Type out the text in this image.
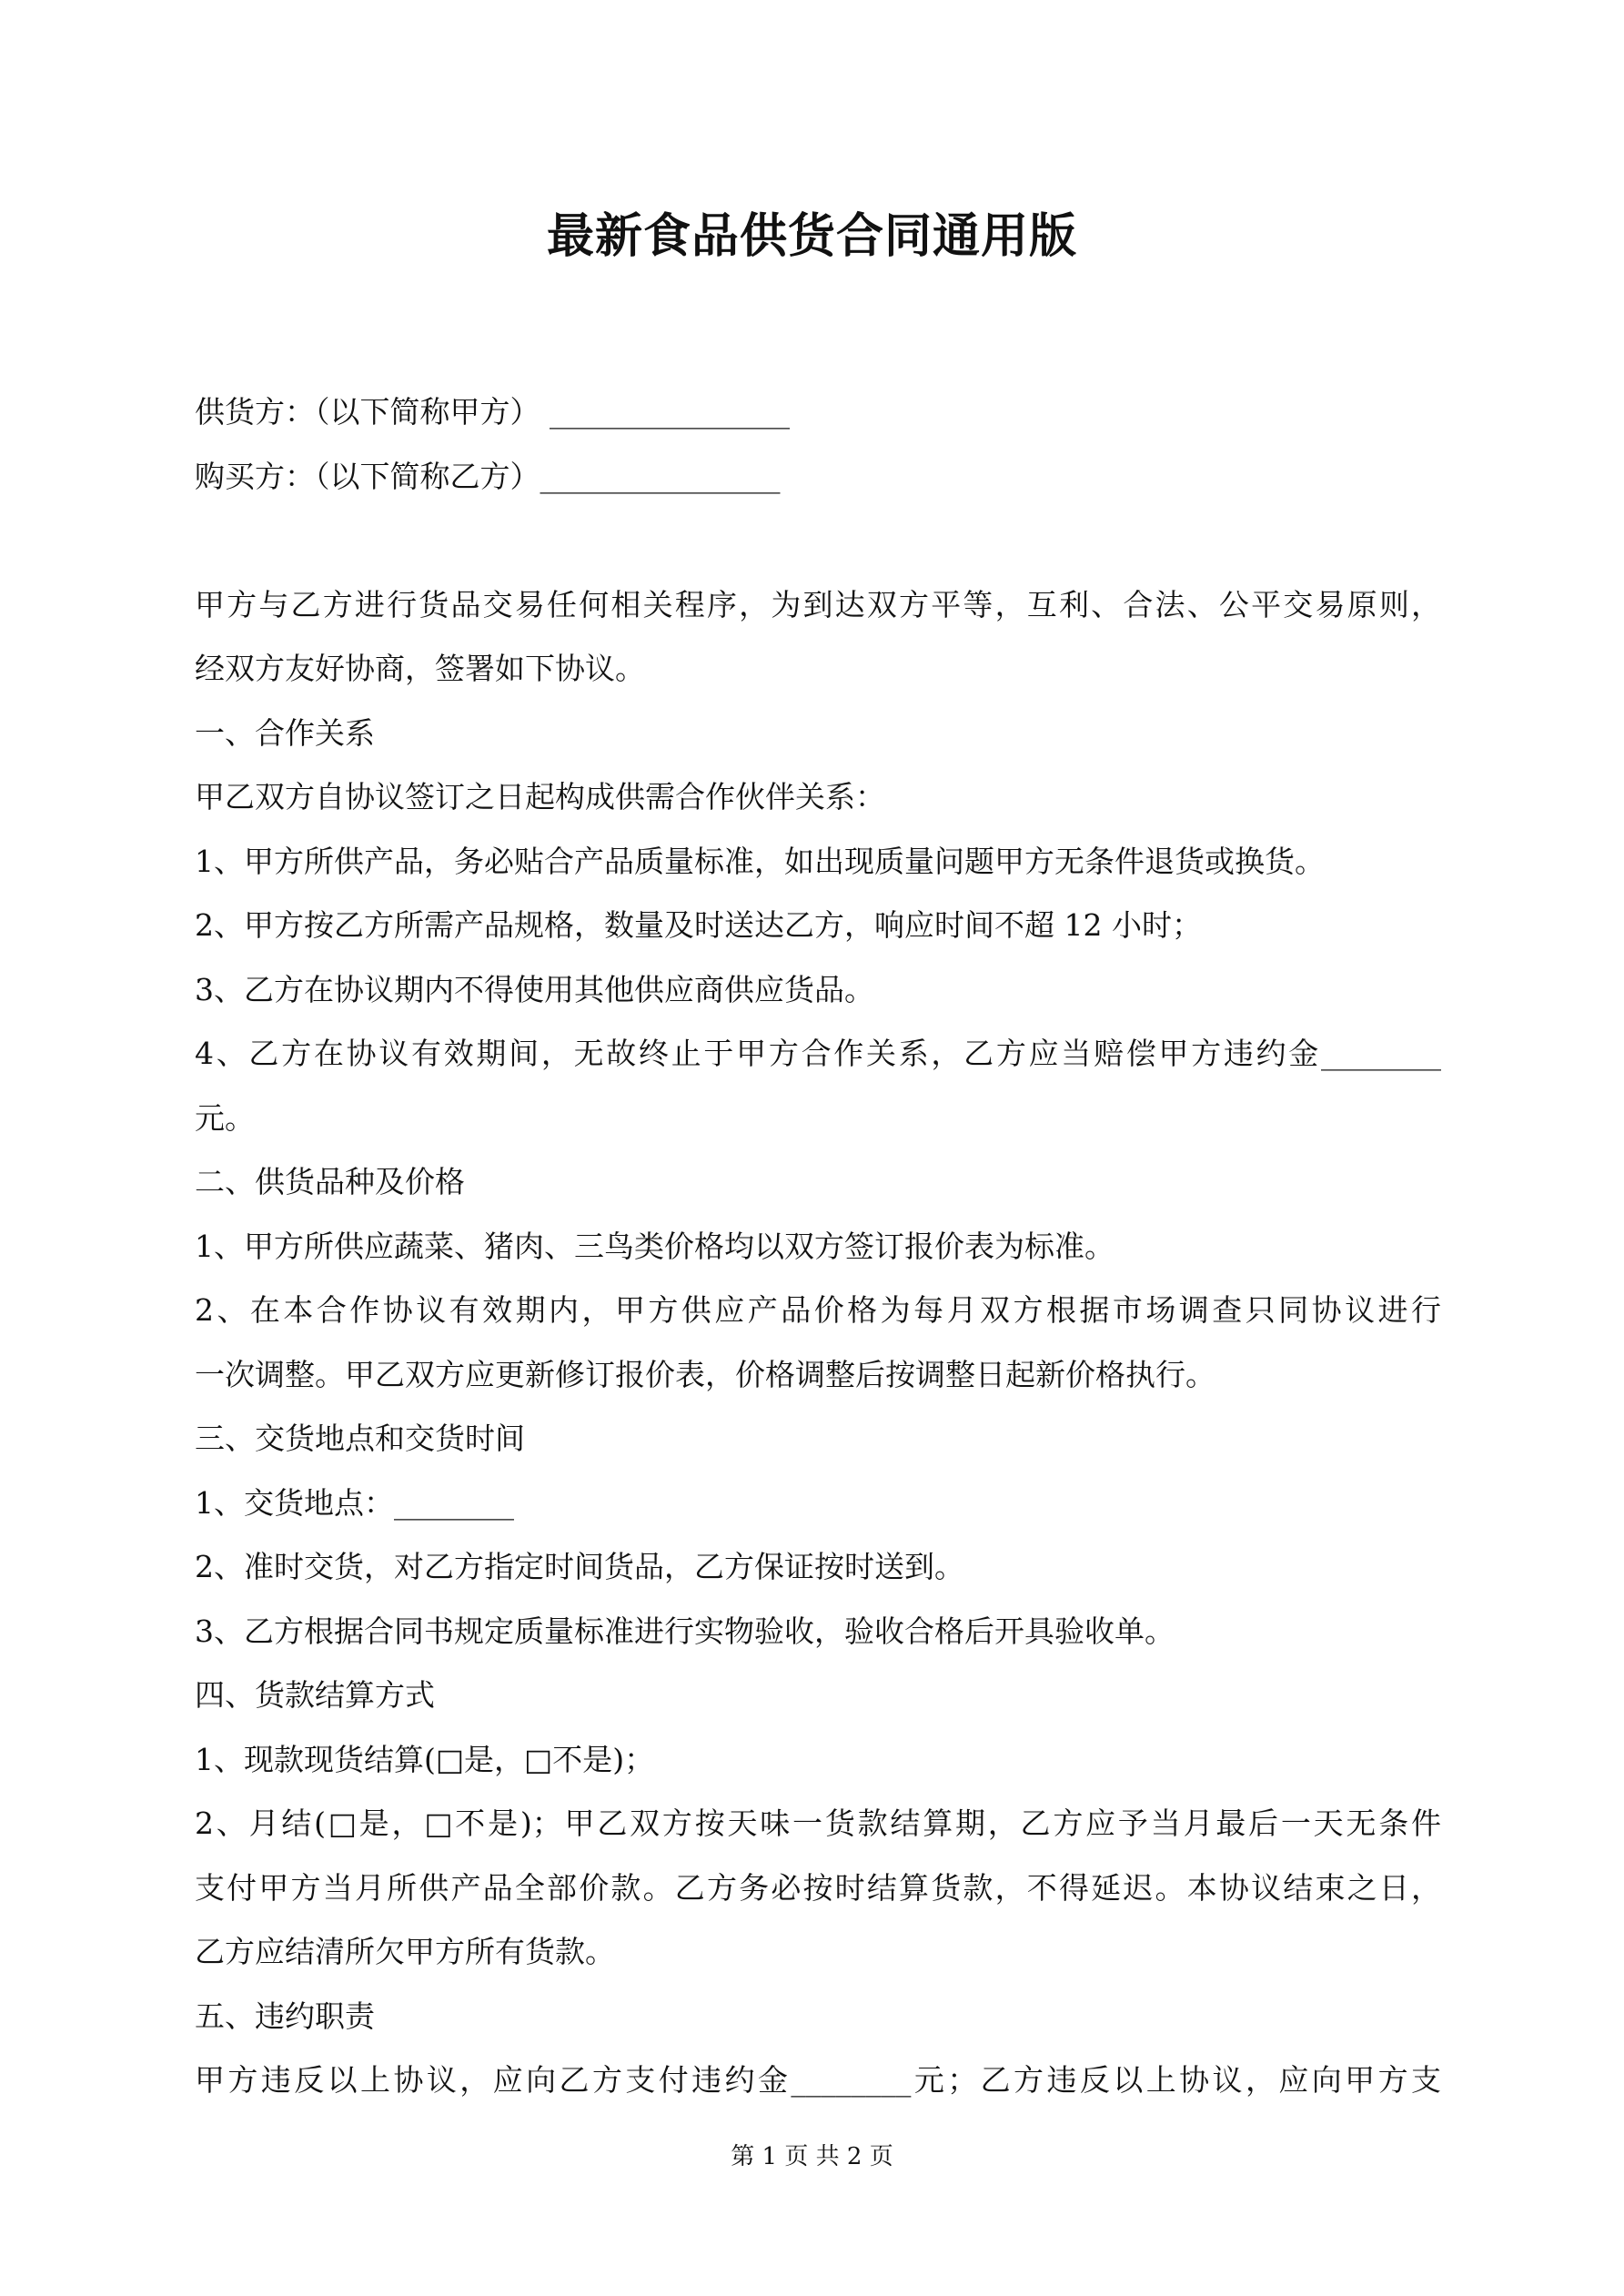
最新食品供货合同通用版
供货方：（以下简称甲方） ________________
购买方：（以下简称乙方）________________
甲方与乙方进行货品交易任何相关程序，为到达双方平等，互利、合法、公平交易原则，
经双方友好协商，签署如下协议。
一、合作关系
甲乙双方自协议签订之日起构成供需合作伙伴关系：
1、甲方所供产品，务必贴合产品质量标准，如出现质量问题甲方无条件退货或换货。
2、甲方按乙方所需产品规格，数量及时送达乙方，响应时间不超 12 小时；
3、乙方在协议期内不得使用其他供应商供应货品。
4、乙方在协议有效期间，无故终止于甲方合作关系，乙方应当赔偿甲方违约金________
元。
二、供货品种及价格
1、甲方所供应蔬菜、猪肉、三鸟类价格均以双方签订报价表为标准。
2、在本合作协议有效期内，甲方供应产品价格为每月双方根据市场调查只同协议进行
一次调整。甲乙双方应更新修订报价表，价格调整后按调整日起新价格执行。
三、交货地点和交货时间
1、交货地点：________
2、准时交货，对乙方指定时间货品，乙方保证按时送到。
3、乙方根据合同书规定质量标准进行实物验收，验收合格后开具验收单。
四、货款结算方式
1、现款现货结算(□是，□不是)；
2、月结(□是，□不是)；甲乙双方按天味一货款结算期，乙方应予当月最后一天无条件
支付甲方当月所供产品全部价款。乙方务必按时结算货款，不得延迟。本协议结束之日，
乙方应结清所欠甲方所有货款。
五、违约职责
甲方违反以上协议，应向乙方支付违约金________元；乙方违反以上协议，应向甲方支
第 1 页 共 2 页
